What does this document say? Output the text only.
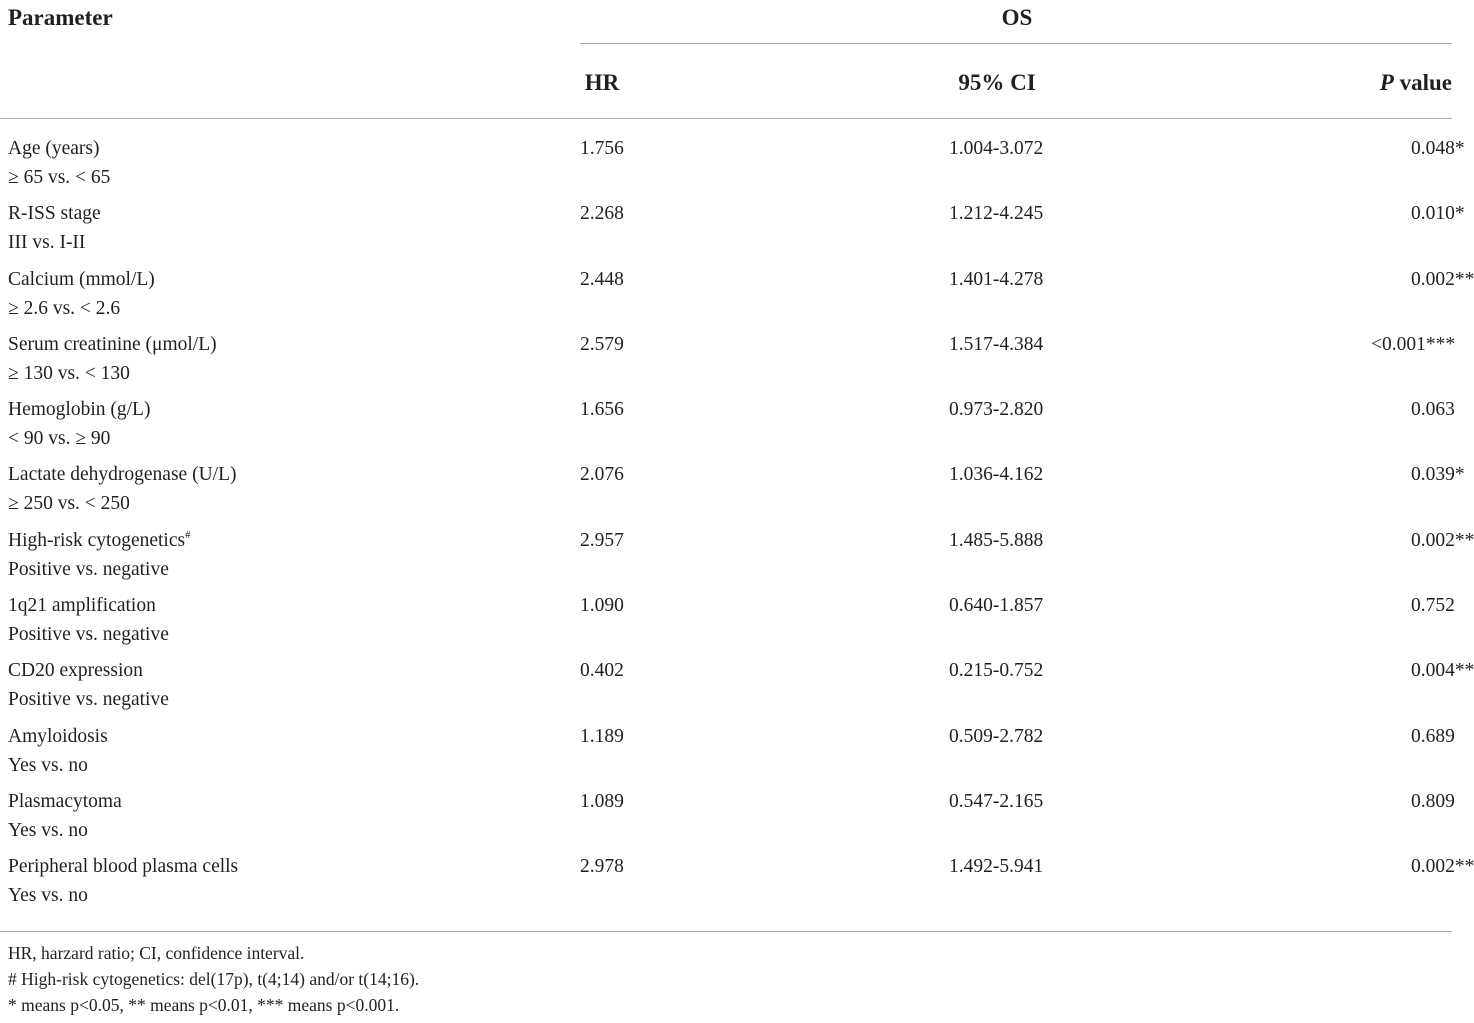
Parameter	OS
HR	95% CI	P value
Age (years)
≥ 65 vs. < 65
1.756	1.004-3.072	0.048*
R-ISS stage
III vs. I-II
2.268	1.212-4.245	0.010*
Calcium (mmol/L)
≥ 2.6 vs. < 2.6
2.448	1.401-4.278	0.002**
Serum creatinine (μmol/L)
≥ 130 vs. < 130
2.579	1.517-4.384	<0.001***
Hemoglobin (g/L)
< 90 vs. ≥ 90
1.656	0.973-2.820	0.063
Lactate dehydrogenase (U/L)
≥ 250 vs. < 250
2.076	1.036-4.162	0.039*
High-risk cytogenetics#
Positive vs. negative
2.957	1.485-5.888	0.002**
1q21 amplification
Positive vs. negative
1.090	0.640-1.857	0.752
CD20 expression
Positive vs. negative
0.402	0.215-0.752	0.004**
Amyloidosis
Yes vs. no
1.189	0.509-2.782	0.689
Plasmacytoma
Yes vs. no
1.089	0.547-2.165	0.809
Peripheral blood plasma cells
Yes vs. no
2.978	1.492-5.941	0.002**
HR, harzard ratio; CI, confidence interval.
# High-risk cytogenetics: del(17p), t(4;14) and/or t(14;16).
* means p<0.05, ** means p<0.01, *** means p<0.001.
